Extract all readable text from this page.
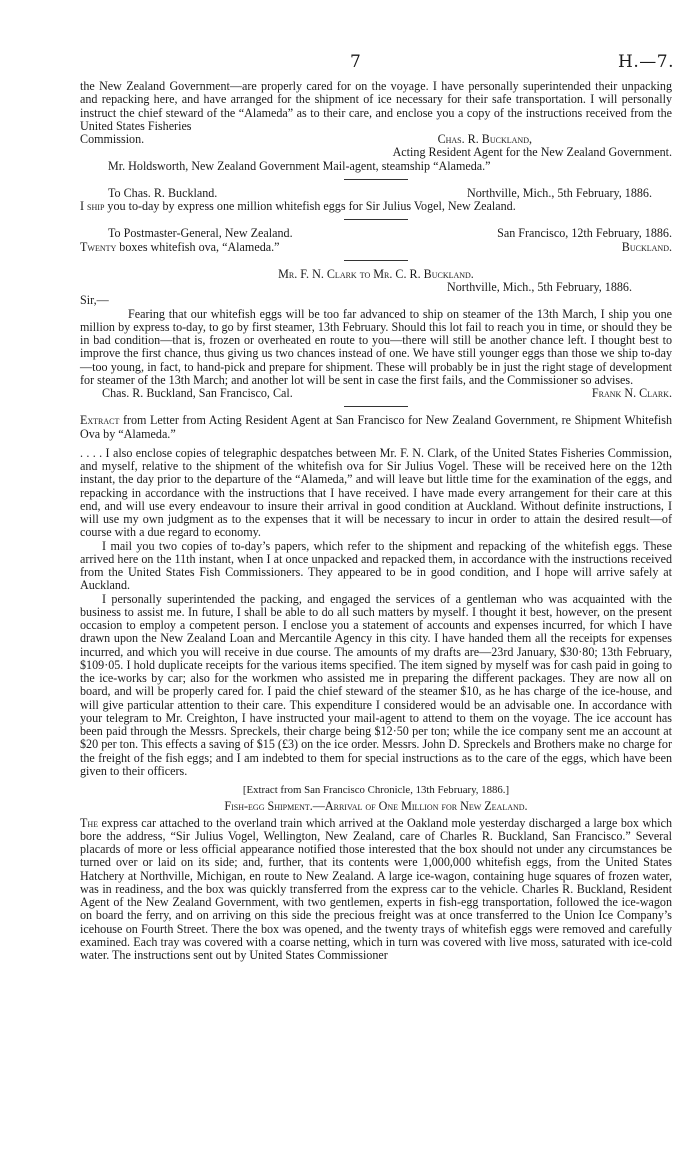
7	H.—7.

the New Zealand Government—are properly cared for on the voyage. I have personally superintended their unpacking and repacking here, and have arranged for the shipment of ice necessary for their safe transportation. I will personally instruct the chief steward of the “Alameda” as to their care, and enclose you a copy of the instructions received from the United States Fisheries

Commission.	Chas. R. Buckland,

Acting Resident Agent for the New Zealand Government.

Mr. Holdsworth, New Zealand Government Mail-agent, steamship “Alameda.”

To Chas. R. Buckland.	Northville, Mich., 5th February, 1886.

I ship you to-day by express one million whitefish eggs for Sir Julius Vogel, New Zealand.

To Postmaster-General, New Zealand.	San Francisco, 12th February, 1886.
Twenty boxes whitefish ova, “Alameda.”	Buckland.

Mr. F. N. Clark to Mr. C. R. Buckland.

Northville, Mich., 5th February, 1886.

Sir,—

Fearing that our whitefish eggs will be too far advanced to ship on steamer of the 13th March, I ship you one million by express to-day, to go by first steamer, 13th February. Should this lot fail to reach you in time, or should they be in bad condition—that is, frozen or overheated en route to you—there will still be another chance left. I thought best to improve the first chance, thus giving us two chances instead of one. We have still younger eggs than those we ship to-day—too young, in fact, to hand-pick and prepare for shipment. These will probably be in just the right stage of development for steamer of the 13th March; and another lot will be sent in case the first fails, and the Commissioner so advises.

Chas. R. Buckland, San Francisco, Cal.	Frank N. Clark.

Extract from Letter from Acting Resident Agent at San Francisco for New Zealand Government, re Shipment Whitefish Ova by “Alameda.”

. . . . I also enclose copies of telegraphic despatches between Mr. F. N. Clark, of the United States Fisheries Commission, and myself, relative to the shipment of the whitefish ova for Sir Julius Vogel. These will be received here on the 12th instant, the day prior to the departure of the “Alameda,” and will leave but little time for the examination of the eggs, and repacking in accordance with the instructions that I have received. I have made every arrangement for their care at this end, and will use every endeavour to insure their arrival in good condition at Auckland. Without definite instructions, I will use my own judgment as to the expenses that it will be necessary to incur in order to attain the desired result—of course with a due regard to economy.

I mail you two copies of to-day’s papers, which refer to the shipment and repacking of the whitefish eggs. These arrived here on the 11th instant, when I at once unpacked and repacked them, in accordance with the instructions received from the United States Fish Commissioners. They appeared to be in good condition, and I hope will arrive safely at Auckland.

I personally superintended the packing, and engaged the services of a gentleman who was acquainted with the business to assist me. In future, I shall be able to do all such matters by myself. I thought it best, however, on the present occasion to employ a competent person. I enclose you a statement of accounts and expenses incurred, for which I have drawn upon the New Zealand Loan and Mercantile Agency in this city. I have handed them all the receipts for expenses incurred, and which you will receive in due course. The amounts of my drafts are—23rd January, $30·80; 13th February, $109·05. I hold duplicate receipts for the various items specified. The item signed by myself was for cash paid in going to the ice-works by car; also for the workmen who assisted me in preparing the different packages. They are now all on board, and will be properly cared for. I paid the chief steward of the steamer $10, as he has charge of the ice-house, and will give particular attention to their care. This expenditure I considered would be an advisable one. In accordance with your telegram to Mr. Creighton, I have instructed your mail-agent to attend to them on the voyage. The ice account has been paid through the Messrs. Spreckels, their charge being $12·50 per ton; while the ice company sent me an account at $20 per ton. This effects a saving of $15 (£3) on the ice order. Messrs. John D. Spreckels and Brothers make no charge for the freight of the fish eggs; and I am indebted to them for special instructions as to the care of the eggs, which have been given to their officers.

[Extract from San Francisco Chronicle, 13th February, 1886.]

Fish-egg Shipment.—Arrival of One Million for New Zealand.

The express car attached to the overland train which arrived at the Oakland mole yesterday discharged a large box which bore the address, “Sir Julius Vogel, Wellington, New Zealand, care of Charles R. Buckland, San Francisco.” Several placards of more or less official appearance notified those interested that the box should not under any circumstances be turned over or laid on its side; and, further, that its contents were 1,000,000 whitefish eggs, from the United States Hatchery at Northville, Michigan, en route to New Zealand. A large ice-wagon, containing huge squares of frozen water, was in readiness, and the box was quickly transferred from the express car to the vehicle. Charles R. Buckland, Resident Agent of the New Zealand Government, with two gentlemen, experts in fish-egg transportation, followed the ice-wagon on board the ferry, and on arriving on this side the precious freight was at once transferred to the Union Ice Company’s icehouse on Fourth Street. There the box was opened, and the twenty trays of whitefish eggs were removed and carefully examined. Each tray was covered with a coarse netting, which in turn was covered with live moss, saturated with ice-cold water. The instructions sent out by United States Commissioner
